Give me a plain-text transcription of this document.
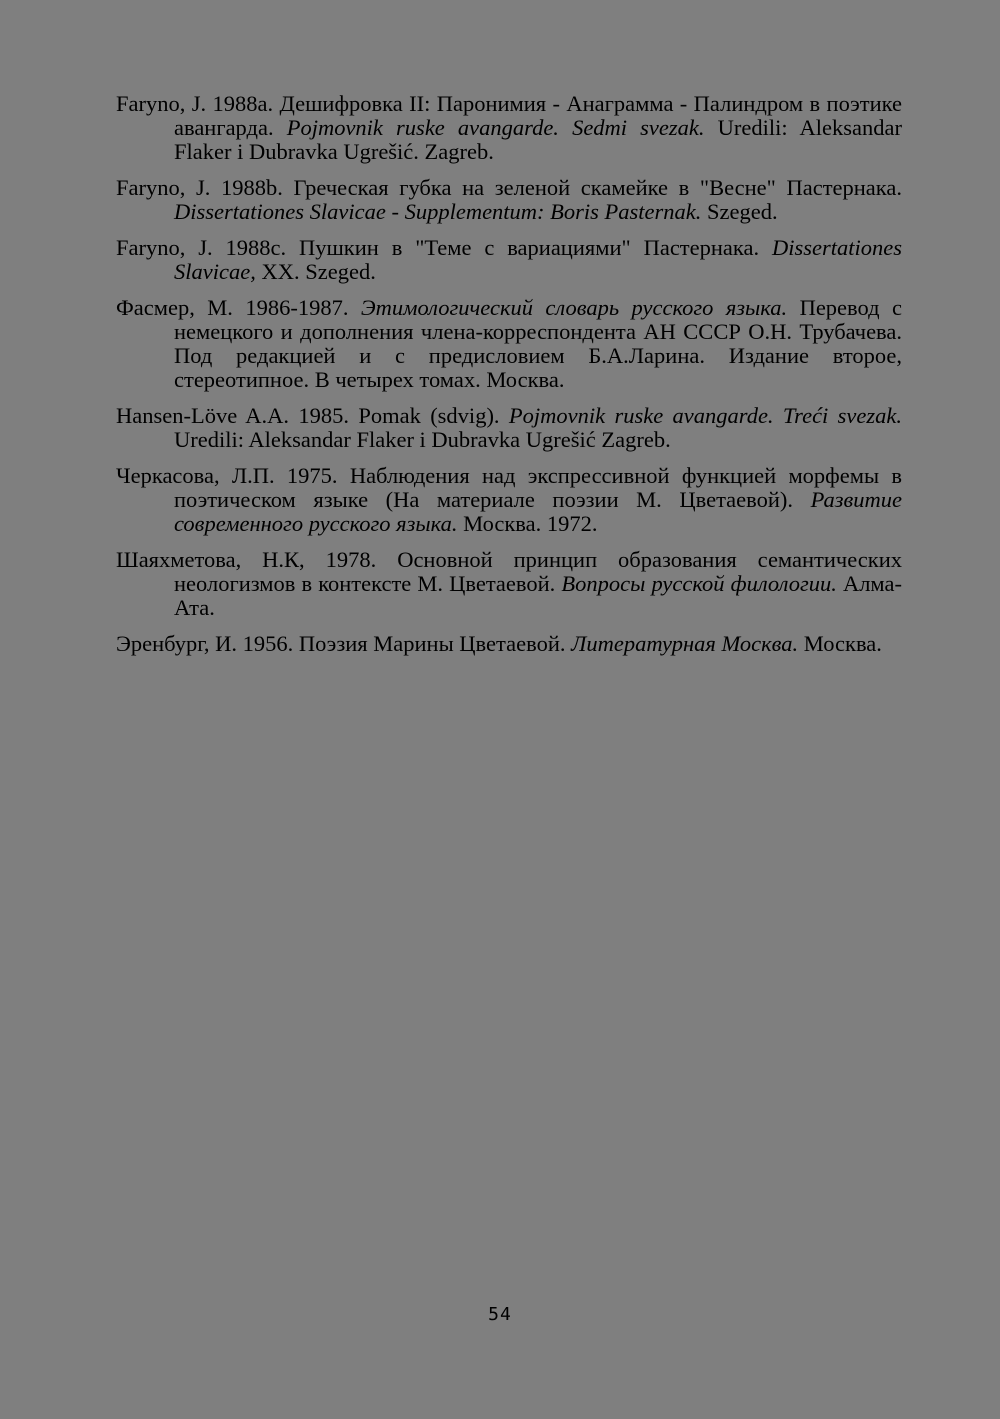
Faryno, J. 1988a. Дешифровка II: Паронимия - Анаграмма - Палиндром в поэтике авангарда. Pojmovnik ruske avangarde. Sedmi svezak. Uredili: Aleksandar Flaker i Dubravka Ugrešić. Zagreb.

Faryno, J. 1988b. Греческая губка на зеленой скамейке в "Весне" Пастернака. Dissertationes Slavicae - Supplementum: Boris Pasternak. Szeged.

Faryno, J. 1988c. Пушкин в "Теме с вариациями" Пастернака. Dissertationes Slavicae, XX. Szeged.

Фасмер, М. 1986-1987. Этимологический словарь русского языка. Перевод с немецкого и дополнения члена-корреспондента АН СССР О.Н. Трубачева. Под редакцией и с предисловием Б.А.Ларина. Издание второе, стереотипное. В четырех томах. Москва.

Hansen-Löve A.A. 1985. Pomak (sdvig). Pojmovnik ruske avangarde. Treći svezak. Uredili: Aleksandar Flaker i Dubravka Ugrešić Zagreb.

Черкасова, Л.П. 1975. Наблюдения над экспрессивной функцией морфемы в поэтическом языке (На материале поэзии М. Цветаевой). Развитие современного русского языка. Москва. 1972.

Шаяхметова, Н.К, 1978. Основной принцип образования семантических неологизмов в контексте М. Цветаевой. Вопросы русской филологии. Алма-Ата.

Эренбург, И. 1956. Поэзия Марины Цветаевой. Литературная Москва. Москва.

54
